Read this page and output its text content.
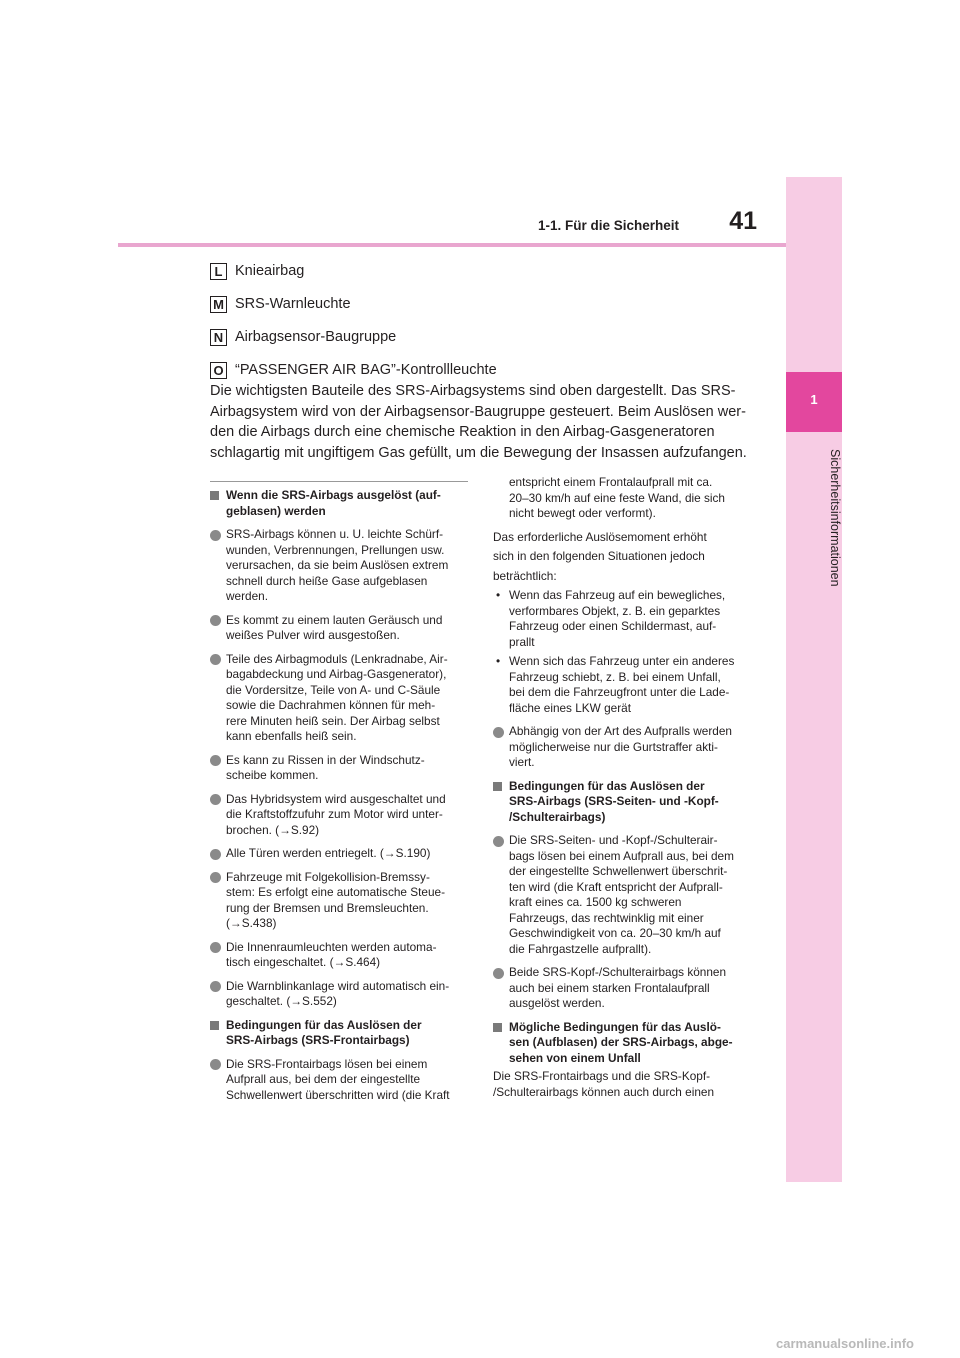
1-1. Für die Sicherheit	41
1
Sicherheitsinformationen
L Knieairbag
M SRS-Warnleuchte
N Airbagsensor-Baugruppe
O “PASSENGER AIR BAG”-Kontrollleuchte

Die wichtigsten Bauteile des SRS-Airbagsystems sind oben dargestellt. Das SRS-
Airbagsystem wird von der Airbagsensor-Baugruppe gesteuert. Beim Auslösen wer-
den die Airbags durch eine chemische Reaktion in den Airbag-Gasgeneratoren
schlagartig mit ungiftigem Gas gefüllt, um die Bewegung der Insassen aufzufangen.

Wenn die SRS-Airbags ausgelöst (auf-
geblasen) werden
SRS-Airbags können u. U. leichte Schürf-
wunden, Verbrennungen, Prellungen usw.
verursachen, da sie beim Auslösen extrem
schnell durch heiße Gase aufgeblasen
werden.
Es kommt zu einem lauten Geräusch und
weißes Pulver wird ausgestoßen.
Teile des Airbagmoduls (Lenkradnabe, Air-
bagabdeckung und Airbag-Gasgenerator),
die Vordersitze, Teile von A- und C-Säule
sowie die Dachrahmen können für meh-
rere Minuten heiß sein. Der Airbag selbst
kann ebenfalls heiß sein.
Es kann zu Rissen in der Windschutz-
scheibe kommen.
Das Hybridsystem wird ausgeschaltet und
die Kraftstoffzufuhr zum Motor wird unter-
brochen. (→S.92)
Alle Türen werden entriegelt. (→S.190)
Fahrzeuge mit Folgekollision-Bremssy-
stem: Es erfolgt eine automatische Steue-
rung der Bremsen und Bremsleuchten.
(→S.438)
Die Innenraumleuchten werden automa-
tisch eingeschaltet. (→S.464)
Die Warnblinkanlage wird automatisch ein-
geschaltet. (→S.552)
Bedingungen für das Auslösen der
SRS-Airbags (SRS-Frontairbags)
Die SRS-Frontairbags lösen bei einem
Aufprall aus, bei dem der eingestellte
Schwellenwert überschritten wird (die Kraft
entspricht einem Frontalaufprall mit ca.
20–30 km/h auf eine feste Wand, die sich
nicht bewegt oder verformt).
Das erforderliche Auslösemoment erhöht
sich in den folgenden Situationen jedoch
beträchtlich:
• Wenn das Fahrzeug auf ein bewegliches,
verformbares Objekt, z. B. ein geparktes
Fahrzeug oder einen Schildermast, auf-
prallt
• Wenn sich das Fahrzeug unter ein anderes
Fahrzeug schiebt, z. B. bei einem Unfall,
bei dem die Fahrzeugfront unter die Lade-
fläche eines LKW gerät
Abhängig von der Art des Aufpralls werden
möglicherweise nur die Gurtstraffer akti-
viert.
Bedingungen für das Auslösen der
SRS-Airbags (SRS-Seiten- und -Kopf-
/Schulterairbags)
Die SRS-Seiten- und -Kopf-/Schulterair-
bags lösen bei einem Aufprall aus, bei dem
der eingestellte Schwellenwert überschrit-
ten wird (die Kraft entspricht der Aufprall-
kraft eines ca. 1500 kg schweren
Fahrzeugs, das rechtwinklig mit einer
Geschwindigkeit von ca. 20–30 km/h auf
die Fahrgastzelle aufprallt).
Beide SRS-Kopf-/Schulterairbags können
auch bei einem starken Frontalaufprall
ausgelöst werden.
Mögliche Bedingungen für das Auslö-
sen (Aufblasen) der SRS-Airbags, abge-
sehen von einem Unfall
Die SRS-Frontairbags und die SRS-Kopf-
/Schulterairbags können auch durch einen
carmanualsonline.info
